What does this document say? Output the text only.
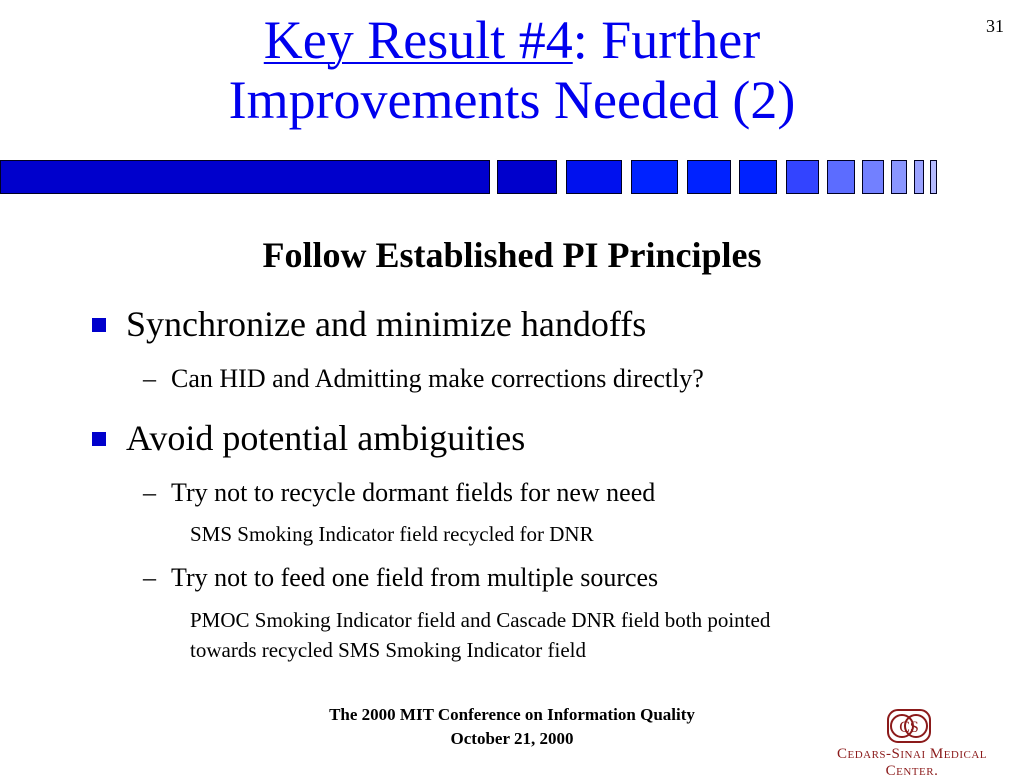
31
Key Result #4: Further
Improvements Needed (2)
Follow Established PI Principles
Synchronize and minimize handoffs
– Can HID and Admitting make corrections directly?
Avoid potential ambiguities
– Try not to recycle dormant fields for new need
SMS Smoking Indicator field recycled for DNR
– Try not to feed one field from multiple sources
PMOC Smoking Indicator field and Cascade DNR field both pointed
towards recycled SMS Smoking Indicator field
The 2000 MIT Conference on Information Quality
October 21, 2000
CS
Cedars-Sinai Medical Center.
